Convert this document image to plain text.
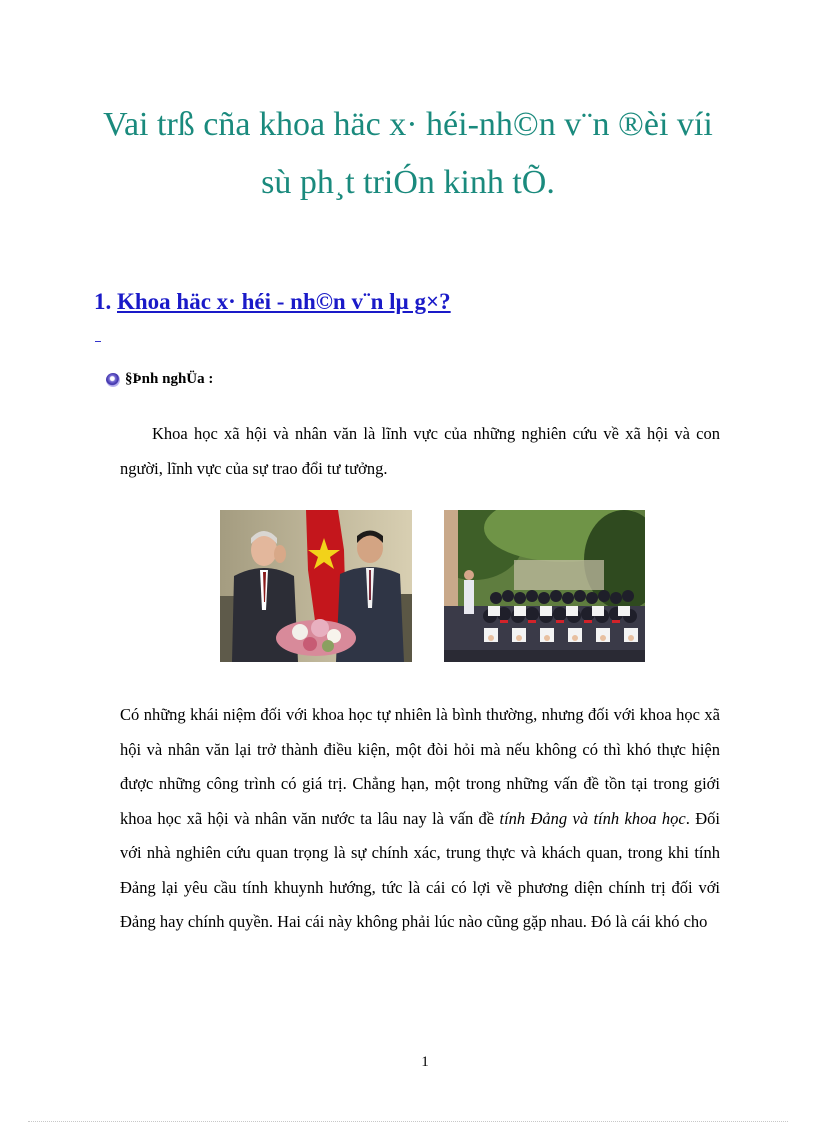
Vai trß cña khoa häc x· héi-nh©n v¨n ®èi víi
sù ph¸t triÓn kinh tÕ.
1. Khoa häc x· héi - nh©n v¨n lµ g×?
§Þnh nghÜa :
Khoa học xã hội và nhân văn là lĩnh vực của những nghiên cứu về xã hội và con người, lĩnh vực của sự trao đổi tư tưởng.
Có những khái niệm đối với khoa học tự nhiên là bình thường, nhưng đối với khoa học xã hội và nhân văn lại trở thành điều kiện, một đòi hỏi mà nếu không có thì khó thực hiện được những công trình có giá trị. Chẳng hạn, một trong những vấn đề tồn tại trong giới khoa học xã hội và nhân văn nước ta lâu nay là vấn đề tính Đảng và tính khoa học. Đối với nhà nghiên cứu quan trọng là sự chính xác, trung thực và khách quan, trong khi tính Đảng lại yêu cầu tính khuynh hướng, tức là cái có lợi về phương diện chính trị đối với Đảng hay chính quyền. Hai cái này không phải lúc nào cũng gặp nhau. Đó là cái khó cho
1
